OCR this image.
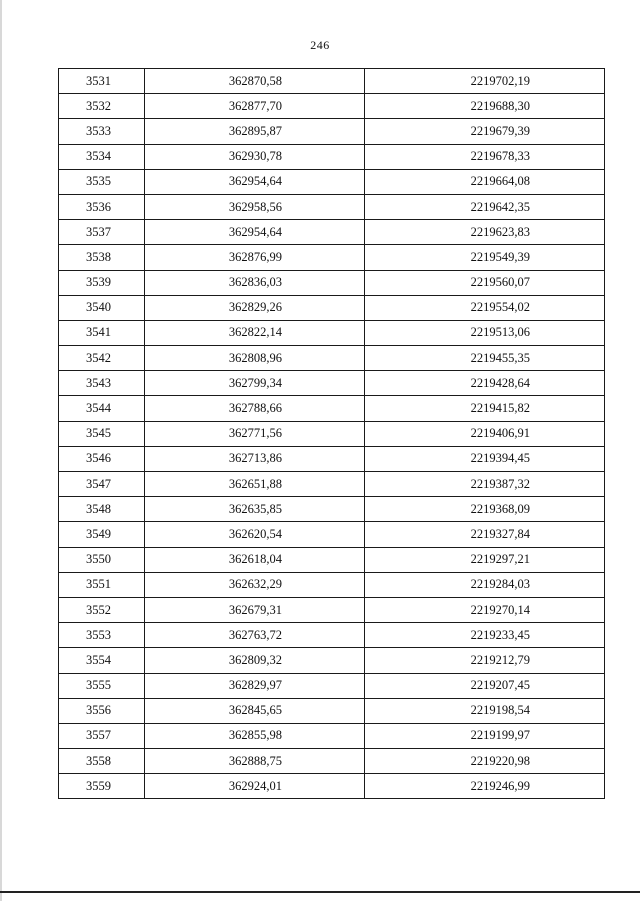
246
3531	362870,58	2219702,19
3532	362877,70	2219688,30
3533	362895,87	2219679,39
3534	362930,78	2219678,33
3535	362954,64	2219664,08
3536	362958,56	2219642,35
3537	362954,64	2219623,83
3538	362876,99	2219549,39
3539	362836,03	2219560,07
3540	362829,26	2219554,02
3541	362822,14	2219513,06
3542	362808,96	2219455,35
3543	362799,34	2219428,64
3544	362788,66	2219415,82
3545	362771,56	2219406,91
3546	362713,86	2219394,45
3547	362651,88	2219387,32
3548	362635,85	2219368,09
3549	362620,54	2219327,84
3550	362618,04	2219297,21
3551	362632,29	2219284,03
3552	362679,31	2219270,14
3553	362763,72	2219233,45
3554	362809,32	2219212,79
3555	362829,97	2219207,45
3556	362845,65	2219198,54
3557	362855,98	2219199,97
3558	362888,75	2219220,98
3559	362924,01	2219246,99
